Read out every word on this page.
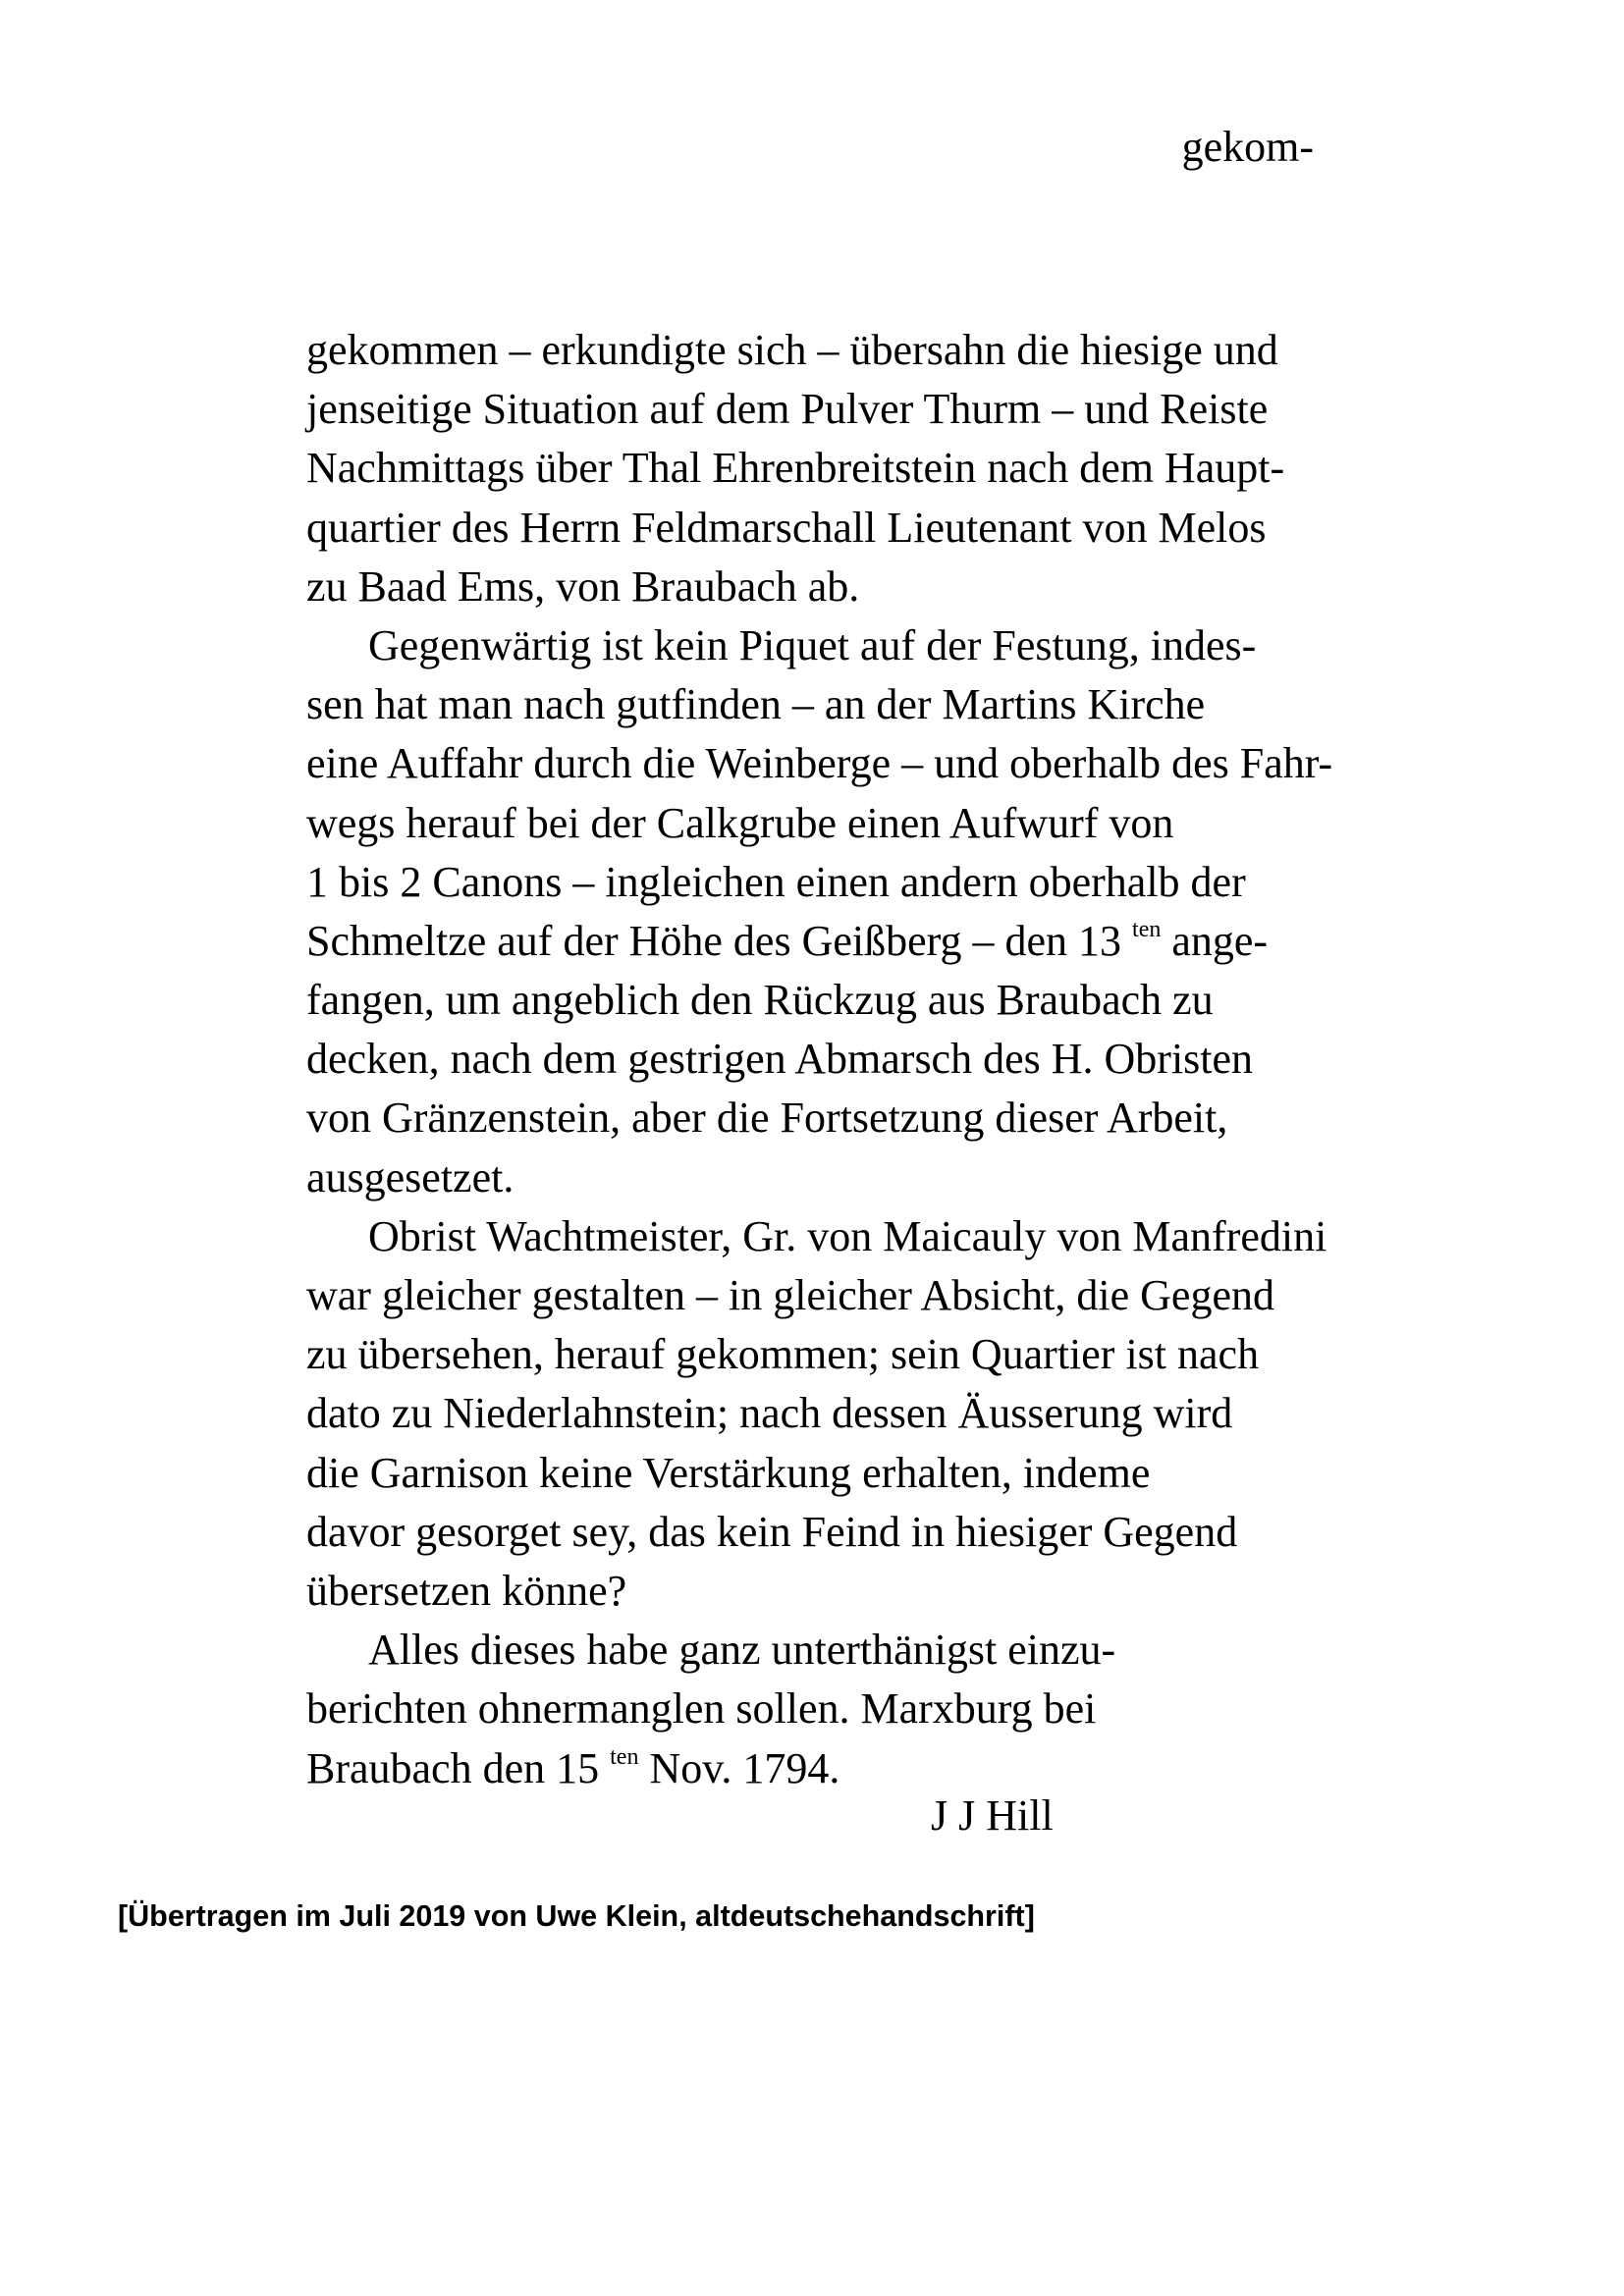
gekom-
gekommen – erkundigte sich – übersahn die hiesige und
jenseitige Situation auf dem Pulver Thurm – und Reiste
Nachmittags über Thal Ehrenbreitstein nach dem Haupt-
quartier des Herrn Feldmarschall Lieutenant von Melos
zu Baad Ems, von Braubach ab.
Gegenwärtig ist kein Piquet auf der Festung, indes-
sen hat man nach gutfinden – an der Martins Kirche
eine Auffahr durch die Weinberge – und oberhalb des Fahr-
wegs herauf bei der Calkgrube einen Aufwurf von
1 bis 2 Canons – ingleichen einen andern oberhalb der
Schmeltze auf der Höhe des Geißberg – den 13 $^{ten}$ ange-
fangen, um angeblich den Rückzug aus Braubach zu
decken, nach dem gestrigen Abmarsch des H. Obristen
von Gränzenstein, aber die Fortsetzung dieser Arbeit,
ausgesetzet.
Obrist Wachtmeister, Gr. von Maicauly von Manfredini
war gleicher gestalten – in gleicher Absicht, die Gegend
zu übersehen, herauf gekommen; sein Quartier ist nach
dato zu Niederlahnstein; nach dessen Äusserung wird
die Garnison keine Verstärkung erhalten, indeme
davor gesorget sey, das kein Feind in hiesiger Gegend
übersetzen könne?
Alles dieses habe ganz unterthänigst einzu-
berichten ohnermanglen sollen. Marxburg bei
Braubach den 15 $^{ten}$ Nov. 1794.
J J Hill
[Übertragen im Juli 2019 von Uwe Klein, altdeutschehandschrift]
